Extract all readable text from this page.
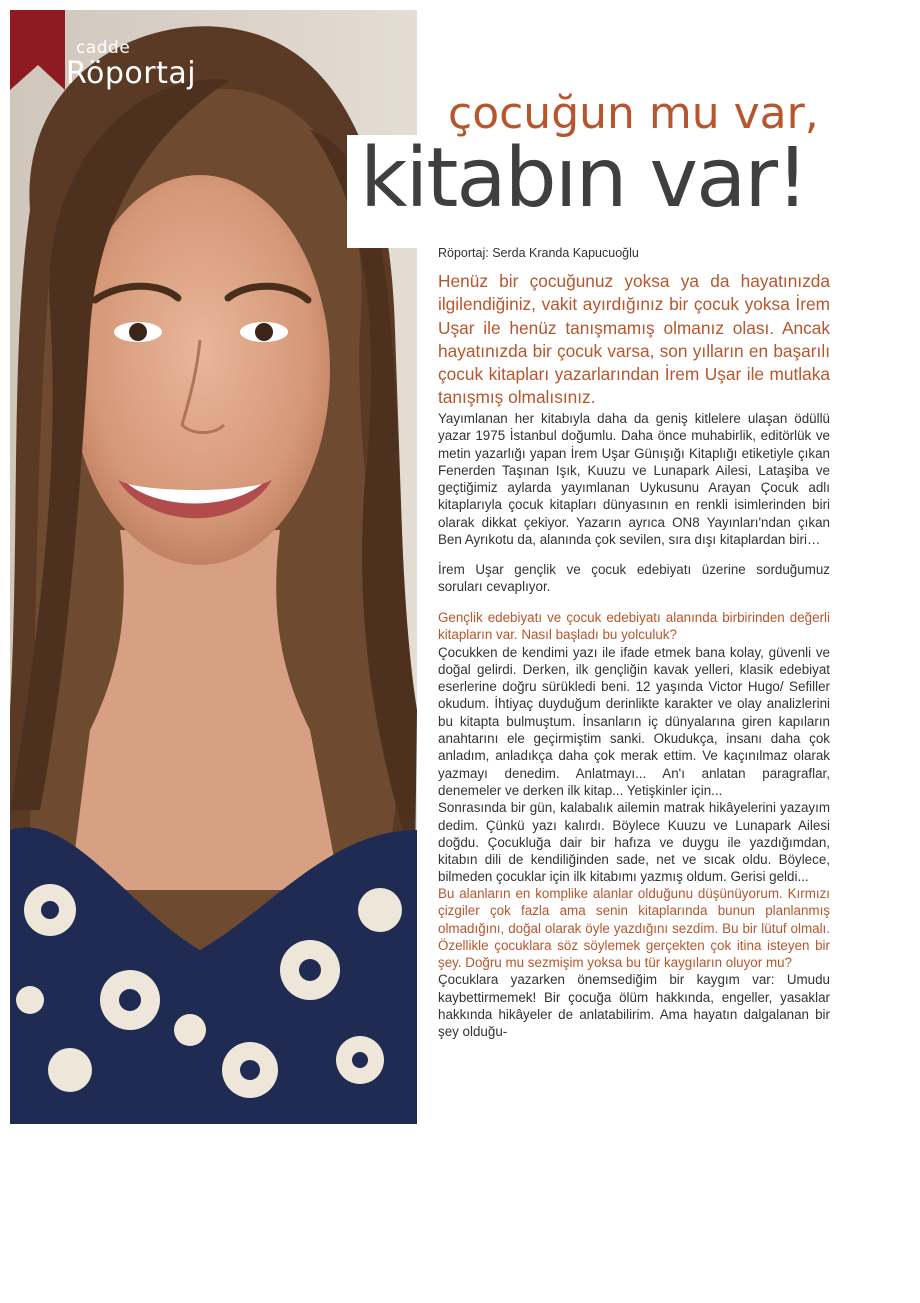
cadde
Röportaj
çocuğun mu var,
kitabın var!
Röportaj: Serda Kranda Kapucuoğlu
Henüz bir çocuğunuz yoksa ya da hayatınızda ilgilendiğiniz, vakit ayırdığınız bir çocuk yoksa İrem Uşar ile henüz tanışmamış olmanız olası. Ancak hayatınızda bir çocuk varsa, son yılların en başarılı çocuk kitapları yazarlarından İrem Uşar ile mutlaka tanışmış olmalısınız.

Yayımlanan her kitabıyla daha da geniş kitlelere ulaşan ödüllü yazar 1975 İstanbul doğumlu. Daha önce muhabirlik, editörlük ve metin yazarlığı yapan İrem Uşar Günışığı Kitaplığı etiketiyle çıkan Fenerden Taşınan Işık, Kuuzu ve Lunapark Ailesi, Lataşiba ve geçtiğimiz aylarda yayımlanan Uykusunu Arayan Çocuk adlı kitaplarıyla çocuk kitapları dünyasının en renkli isimlerinden biri olarak dikkat çekiyor. Yazarın ayrıca ON8 Yayınları'ndan çıkan Ben Ayrıkotu da, alanında çok sevilen, sıra dışı kitaplardan biri…

İrem Uşar gençlik ve çocuk edebiyatı üzerine sorduğumuz soruları cevaplıyor.

Gençlik edebiyatı ve çocuk edebiyatı alanında birbirinden değerli kitapların var. Nasıl başladı bu yolculuk?

Çocukken de kendimi yazı ile ifade etmek bana kolay, güvenli ve doğal gelirdi. Derken, ilk gençliğin kavak yelleri, klasik edebiyat eserlerine doğru sürükledi beni. 12 yaşında Victor Hugo/ Sefiller okudum. İhtiyaç duyduğum derinlikte karakter ve olay analizlerini bu kitapta bulmuştum. İnsanların iç dünyalarına giren kapıların anahtarını ele geçirmiştim sanki. Okudukça, insanı daha çok anladım, anladıkça daha çok merak ettim. Ve kaçınılmaz olarak yazmayı denedim. Anlatmayı... An'ı anlatan paragraflar, denemeler ve derken ilk kitap... Yetişkinler için...

Sonrasında bir gün, kalabalık ailemin matrak hikâyelerini yazayım dedim. Çünkü yazı kalırdı. Böylece Kuuzu ve Lunapark Ailesi doğdu. Çocukluğa dair bir hafıza ve duygu ile yazdığımdan, kitabın dili de kendiliğinden sade, net ve sıcak oldu. Böylece, bilmeden çocuklar için ilk kitabımı yazmış oldum. Gerisi geldi...

Bu alanların en komplike alanlar olduğunu düşünüyorum. Kırmızı çizgiler çok fazla ama senin kitaplarında bunun planlanmış olmadığını, doğal olarak öyle yazdığını sezdim. Bu bir lütuf olmalı. Özellikle çocuklara söz söylemek gerçekten çok itina isteyen bir şey. Doğru mu sezmişim yoksa bu tür kaygıların oluyor mu?

Çocuklara yazarken önemsediğim bir kaygım var: Umudu kaybettirmemek! Bir çocuğa ölüm hakkında, engeller, yasaklar hakkında hikâyeler de anlatabilirim. Ama hayatın dalgalanan bir şey olduğu-
